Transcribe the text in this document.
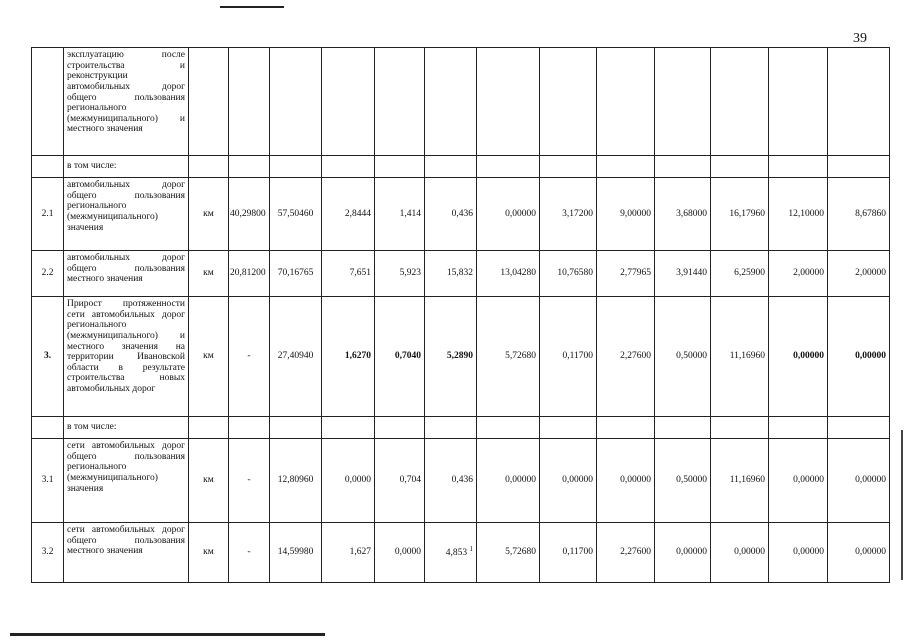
39
	эксплуатацию после строительства и реконструкции автомобильных дорог общего пользования регионального (межмуниципального) и местного значения													
	в том числе:													
2.1	автомобильных дорог общего пользования регионального (межмуниципального) значения	км	40,29800	57,50460	2,8444	1,414	0,436	0,00000	3,17200	9,00000	3,68000	16,17960	12,10000	8,67860
2.2	автомобильных дорог общего пользования местного значения	км	20,81200	70,16765	7,651	5,923	15,832	13,04280	10,76580	2,77965	3,91440	6,25900	2,00000	2,00000
3.	Прирост протяженности сети автомобильных дорог регионального (межмуниципального) и местного значения на территории Ивановской области в результате строительства новых автомобильных дорог	км	-	27,40940	1,6270	0,7040	5,2890	5,72680	0,11700	2,27600	0,50000	11,16960	0,00000	0,00000
	в том числе:													
3.1	сети автомобильных дорог общего пользования регионального (межмуниципального) значения	км	-	12,80960	0,0000	0,704	0,436	0,00000	0,00000	0,00000	0,50000	11,16960	0,00000	0,00000
3.2	сети автомобильных дорог общего пользования местного значения	км	-	14,59980	1,627	0,0000	4,853 $^1$	5,72680	0,11700	2,27600	0,00000	0,00000	0,00000	0,00000
